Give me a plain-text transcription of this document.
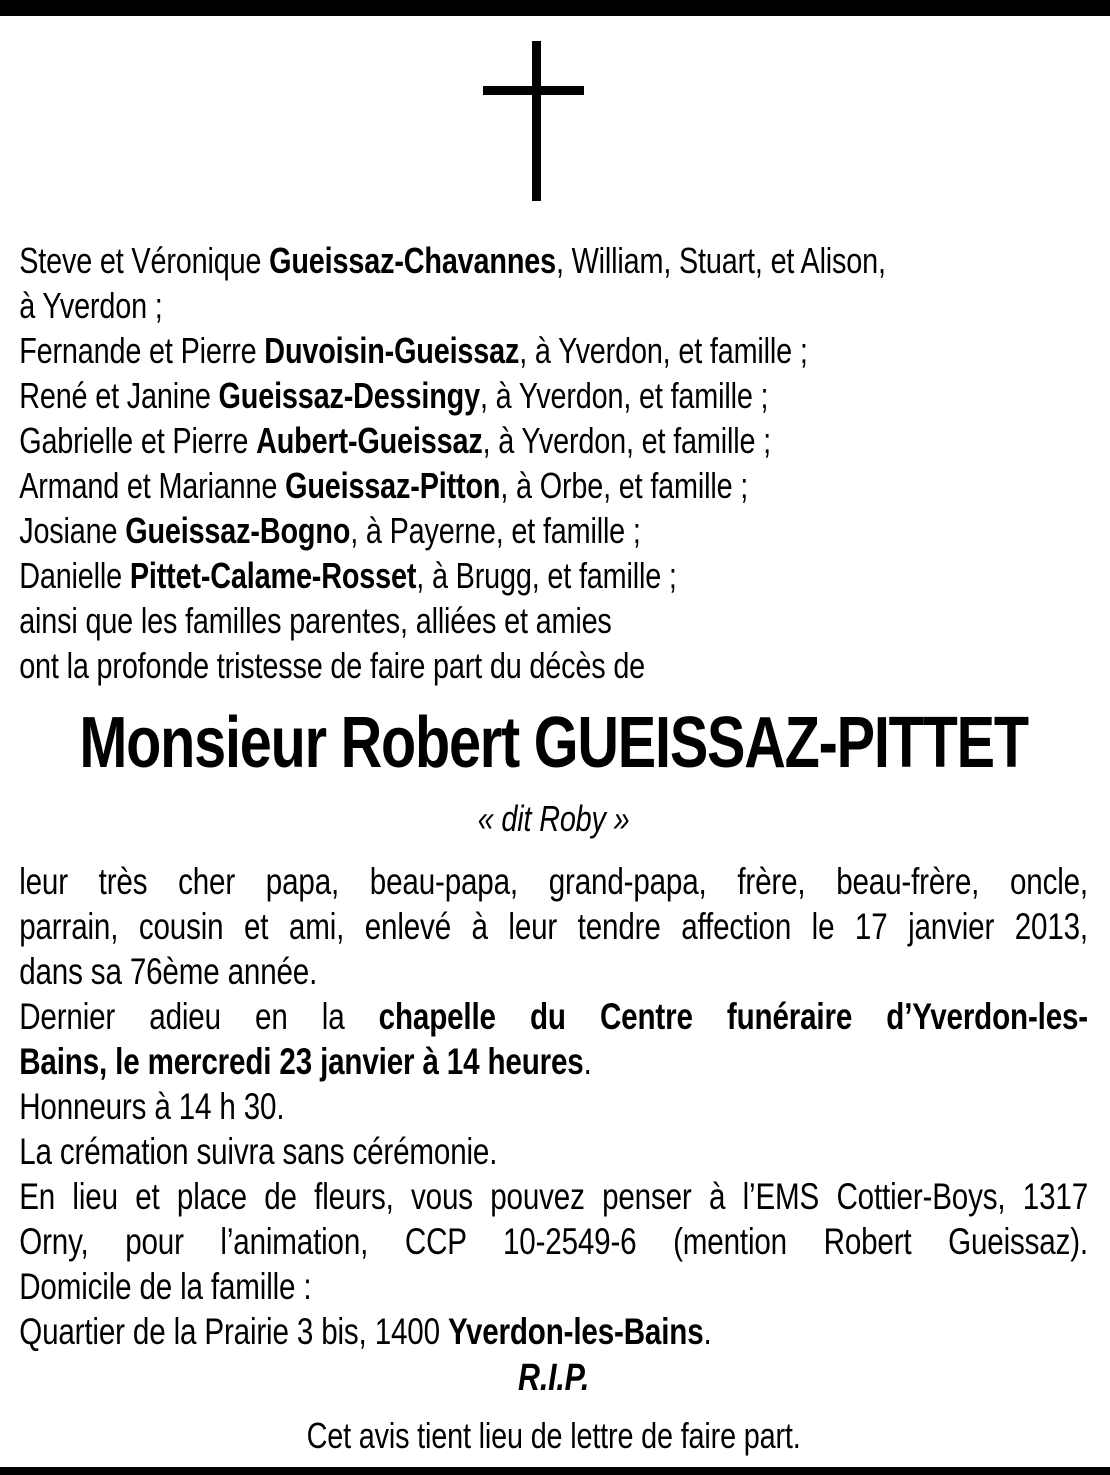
Steve et Véronique Gueissaz-Chavannes, William, Stuart, et Alison,
à Yverdon ;
Fernande et Pierre Duvoisin-Gueissaz, à Yverdon, et famille ;
René et Janine Gueissaz-Dessingy, à Yverdon, et famille ;
Gabrielle et Pierre Aubert-Gueissaz, à Yverdon, et famille ;
Armand et Marianne Gueissaz-Pitton, à Orbe, et famille ;
Josiane Gueissaz-Bogno, à Payerne, et famille ;
Danielle Pittet-Calame-Rosset, à Brugg, et famille ;
ainsi que les familles parentes, alliées et amies
ont la profonde tristesse de faire part du décès de
Monsieur Robert GUEISSAZ-PITTET
« dit Roby »
leur très cher papa, beau-papa, grand-papa, frère, beau-frère, oncle,
parrain, cousin et ami, enlevé à leur tendre affection le 17 janvier 2013,
dans sa 76ème année.
Dernier adieu en la chapelle du Centre funéraire d’Yverdon-les-
Bains, le mercredi 23 janvier à 14 heures.
Honneurs à 14 h 30.
La crémation suivra sans cérémonie.
En lieu et place de fleurs, vous pouvez penser à l’EMS Cottier-Boys, 1317
Orny, pour l’animation, CCP 10-2549-6 (mention Robert Gueissaz).
Domicile de la famille :
Quartier de la Prairie 3 bis, 1400 Yverdon-les-Bains.
R.I.P.
Cet avis tient lieu de lettre de faire part.
